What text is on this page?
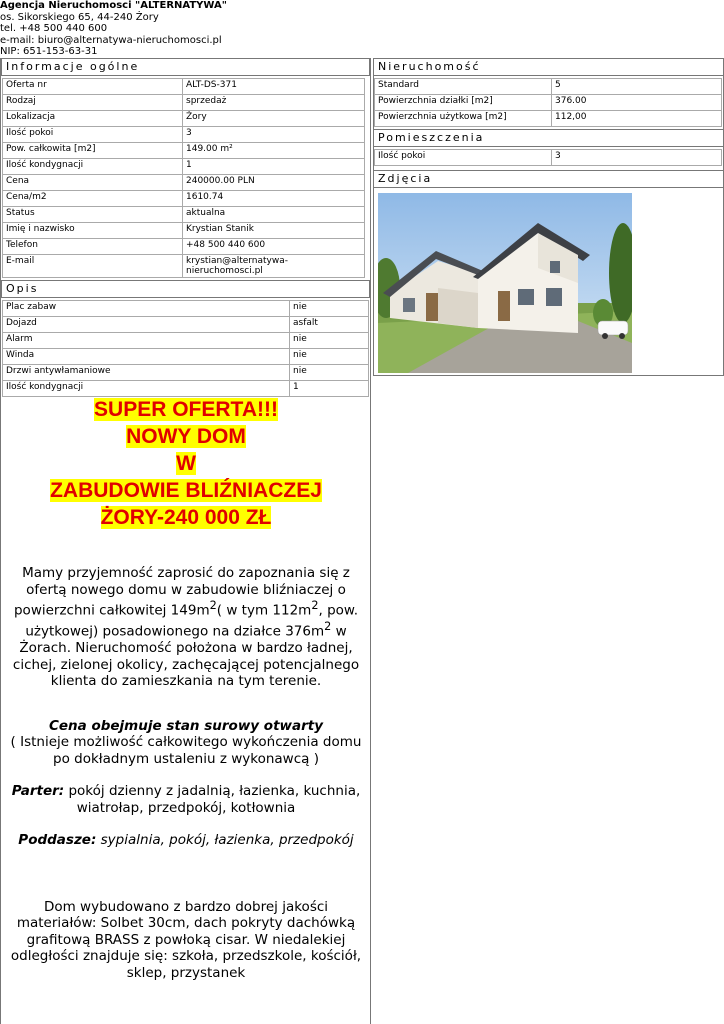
Agencja Nieruchomosci "ALTERNATYWA"
os. Sikorskiego 65, 44-240 Żory
tel. +48 500 440 600
e-mail: biuro@alternatywa-nieruchomosci.pl
NIP: 651-153-63-31
Informacje ogólne
Oferta nr	ALT-DS-371
Rodzaj	sprzedaż
Lokalizacja	Żory
Ilość pokoi	3
Pow. całkowita [m2]	149.00 m²
Ilość kondygnacji	1
Cena	240000.00 PLN
Cena/m2	1610.74
Status	aktualna
Imię i nazwisko	Krystian Stanik
Telefon	+48 500 440 600
E-mail	krystian@alternatywa-nieruchomosci.pl
Opis
Plac zabaw	nie
Dojazd	asfalt
Alarm	nie
Winda	nie
Drzwi antywłamaniowe	nie
Ilość kondygnacji	1
Nieruchomość
Standard	5
Powierzchnia działki [m2]	376.00
Powierzchnia użytkowa [m2]	112,00
Pomieszczenia
Ilość pokoi	3
Zdjęcia
SUPER OFERTA!!!
NOWY DOM
W
ZABUDOWIE BLIŹNIACZEJ
ŻORY-240 000 ZŁ

Mamy przyjemność zaprosić do zapoznania się z ofertą nowego domu w zabudowie bliźniaczej o powierzchni całkowitej $149m^2$( w tym $112m^2$, pow. użytkowej) posadowionego na działce $376m^2$ w Żorach. Nieruchomość położona w bardzo ładnej, cichej, zielonej okolicy, zachęcającej potencjalnego klienta do zamieszkania na tym terenie.

Cena obejmuje stan surowy otwarty

( Istnieje możliwość całkowitego wykończenia domu po dokładnym ustaleniu z wykonawcą )

Parter: pokój dzienny z jadalnią, łazienka, kuchnia, wiatrołap, przedpokój, kotłownia

Poddasze: sypialnia, pokój, łazienka, przedpokój

Dom wybudowano z bardzo dobrej jakości materiałów: Solbet 30cm, dach pokryty dachówką grafitową BRASS z powłoką cisar. W niedalekiej odległości znajduje się: szkoła, przedszkole, kościół, sklep, przystanek
